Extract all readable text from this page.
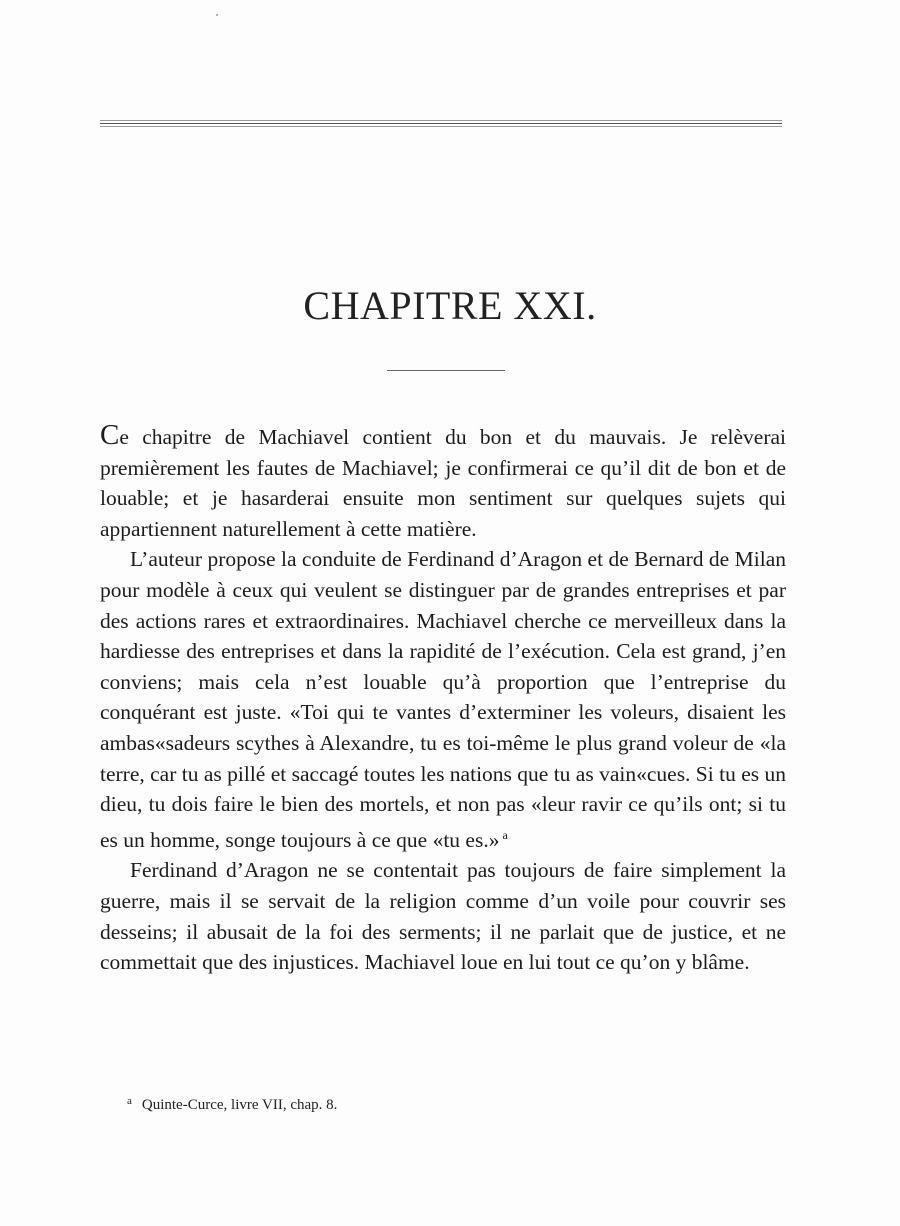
CHAPITRE XXI.

Ce chapitre de Machiavel contient du bon et du mauvais. Je relèverai premièrement les fautes de Machiavel; je confirmerai ce qu’il dit de bon et de louable; et je hasarderai ensuite mon sentiment sur quelques sujets qui appartiennent naturellement à cette matière.

L’auteur propose la conduite de Ferdinand d’Aragon et de Bernard de Milan pour modèle à ceux qui veulent se distinguer par de grandes entreprises et par des actions rares et extraordinaires. Machiavel cherche ce merveilleux dans la hardiesse des entreprises et dans la rapidité de l’exécution. Cela est grand, j’en conviens; mais cela n’est louable qu’à proportion que l’entreprise du conquérant est juste. «Toi qui te vantes d’exterminer les voleurs, disaient les ambas«sadeurs scythes à Alexandre, tu es toi-même le plus grand voleur de «la terre, car tu as pillé et saccagé toutes les nations que tu as vain«cues. Si tu es un dieu, tu dois faire le bien des mortels, et non pas «leur ravir ce qu’ils ont; si tu es un homme, songe toujours à ce que «tu es.» $^a$

Ferdinand d’Aragon ne se contentait pas toujours de faire simplement la guerre, mais il se servait de la religion comme d’un voile pour couvrir ses desseins; il abusait de la foi des serments; il ne parlait que de justice, et ne commettait que des injustices. Machiavel loue en lui tout ce qu’on y blâme.

$^a$ Quinte-Curce, livre VII, chap. 8.
